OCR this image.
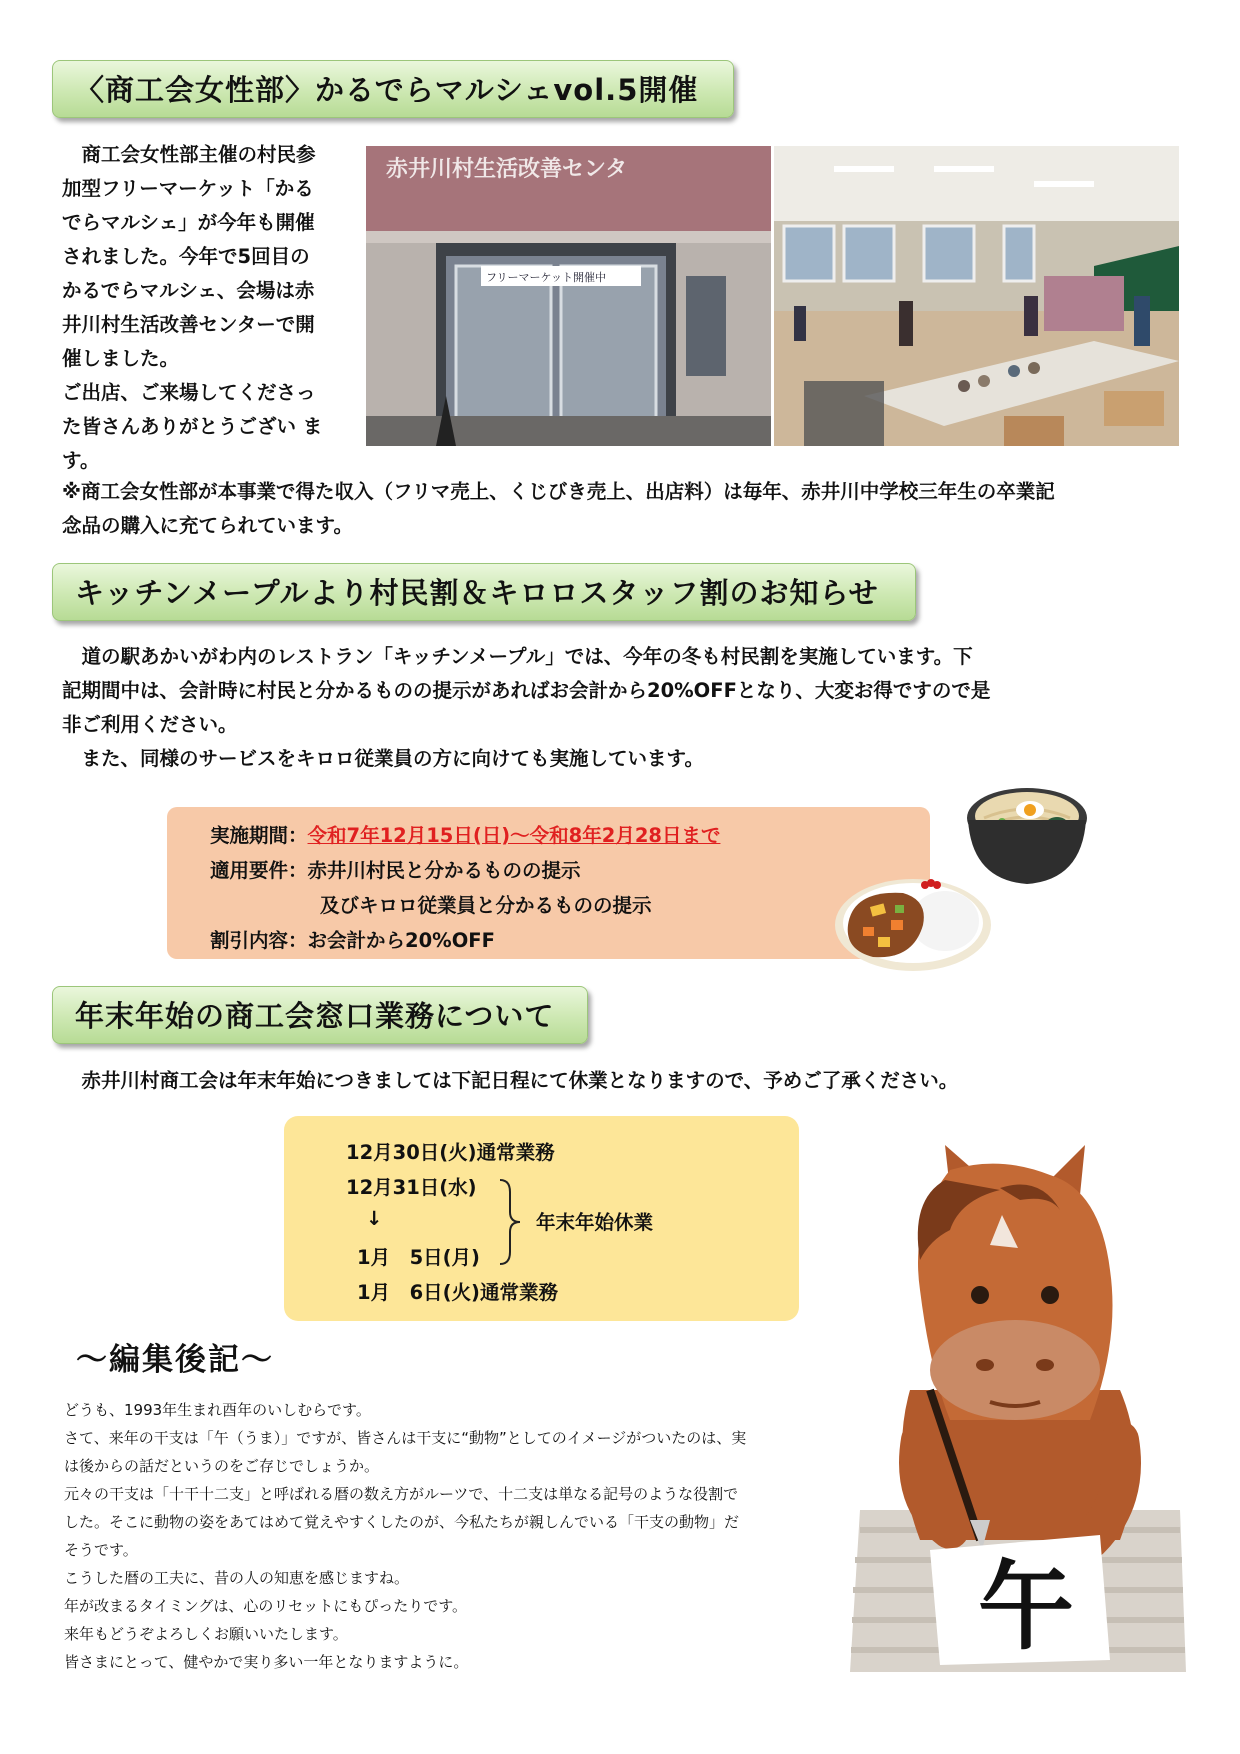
〈商工会女性部〉かるでらマルシェvol.5開催

　商工会女性部主催の村民参

加型フリーマーケット「かる

でらマルシェ」が今年も開催

されました。今年で5回目の

かるでらマルシェ、会場は赤

井川村生活改善センターで開

催しました。

ご出店、ご来場してくださっ

た皆さんありがとうござい ま

す。

赤井川村生活改善センタ
フリーマーケット開催中

※商工会女性部が本事業で得た収入（フリマ売上、くじびき売上、出店料）は毎年、赤井川中学校三年生の卒業記

念品の購入に充てられています。

キッチンメープルより村民割＆キロロスタッフ割のお知らせ

　道の駅あかいがわ内のレストラン「キッチンメープル」では、今年の冬も村民割を実施しています。下

記期間中は、会計時に村民と分かるものの提示があればお会計から20%OFFとなり、大変お得ですので是

非ご利用ください。

　また、同様のサービスをキロロ従業員の方に向けても実施しています。

実施期間：令和7年12月15日(日)～令和8年2月28日まで
適用要件：赤井川村民と分かるものの提示
及びキロロ従業員と分かるものの提示
割引内容：お会計から20%OFF
年末年始の商工会窓口業務について

　赤井川村商工会は年末年始につきましては下記日程にて休業となりますので、予めご了承ください。

12月30日(火)通常業務
12月31日(水)
↓
1月　5日(月)
1月　6日(火)通常業務
年末年始休業
～編集後記～

どうも、1993年生まれ酉年のいしむらです。

さて、来年の干支は「午（うま）」ですが、皆さんは干支に“動物”としてのイメージがついたのは、実

は後からの話だというのをご存じでしょうか。

元々の干支は「十干十二支」と呼ばれる暦の数え方がルーツで、十二支は単なる記号のような役割で

した。そこに動物の姿をあてはめて覚えやすくしたのが、今私たちが親しんでいる「干支の動物」だ

そうです。

こうした暦の工夫に、昔の人の知恵を感じますね。

年が改まるタイミングは、心のリセットにもぴったりです。

来年もどうぞよろしくお願いいたします。

皆さまにとって、健やかで実り多い一年となりますように。	午
